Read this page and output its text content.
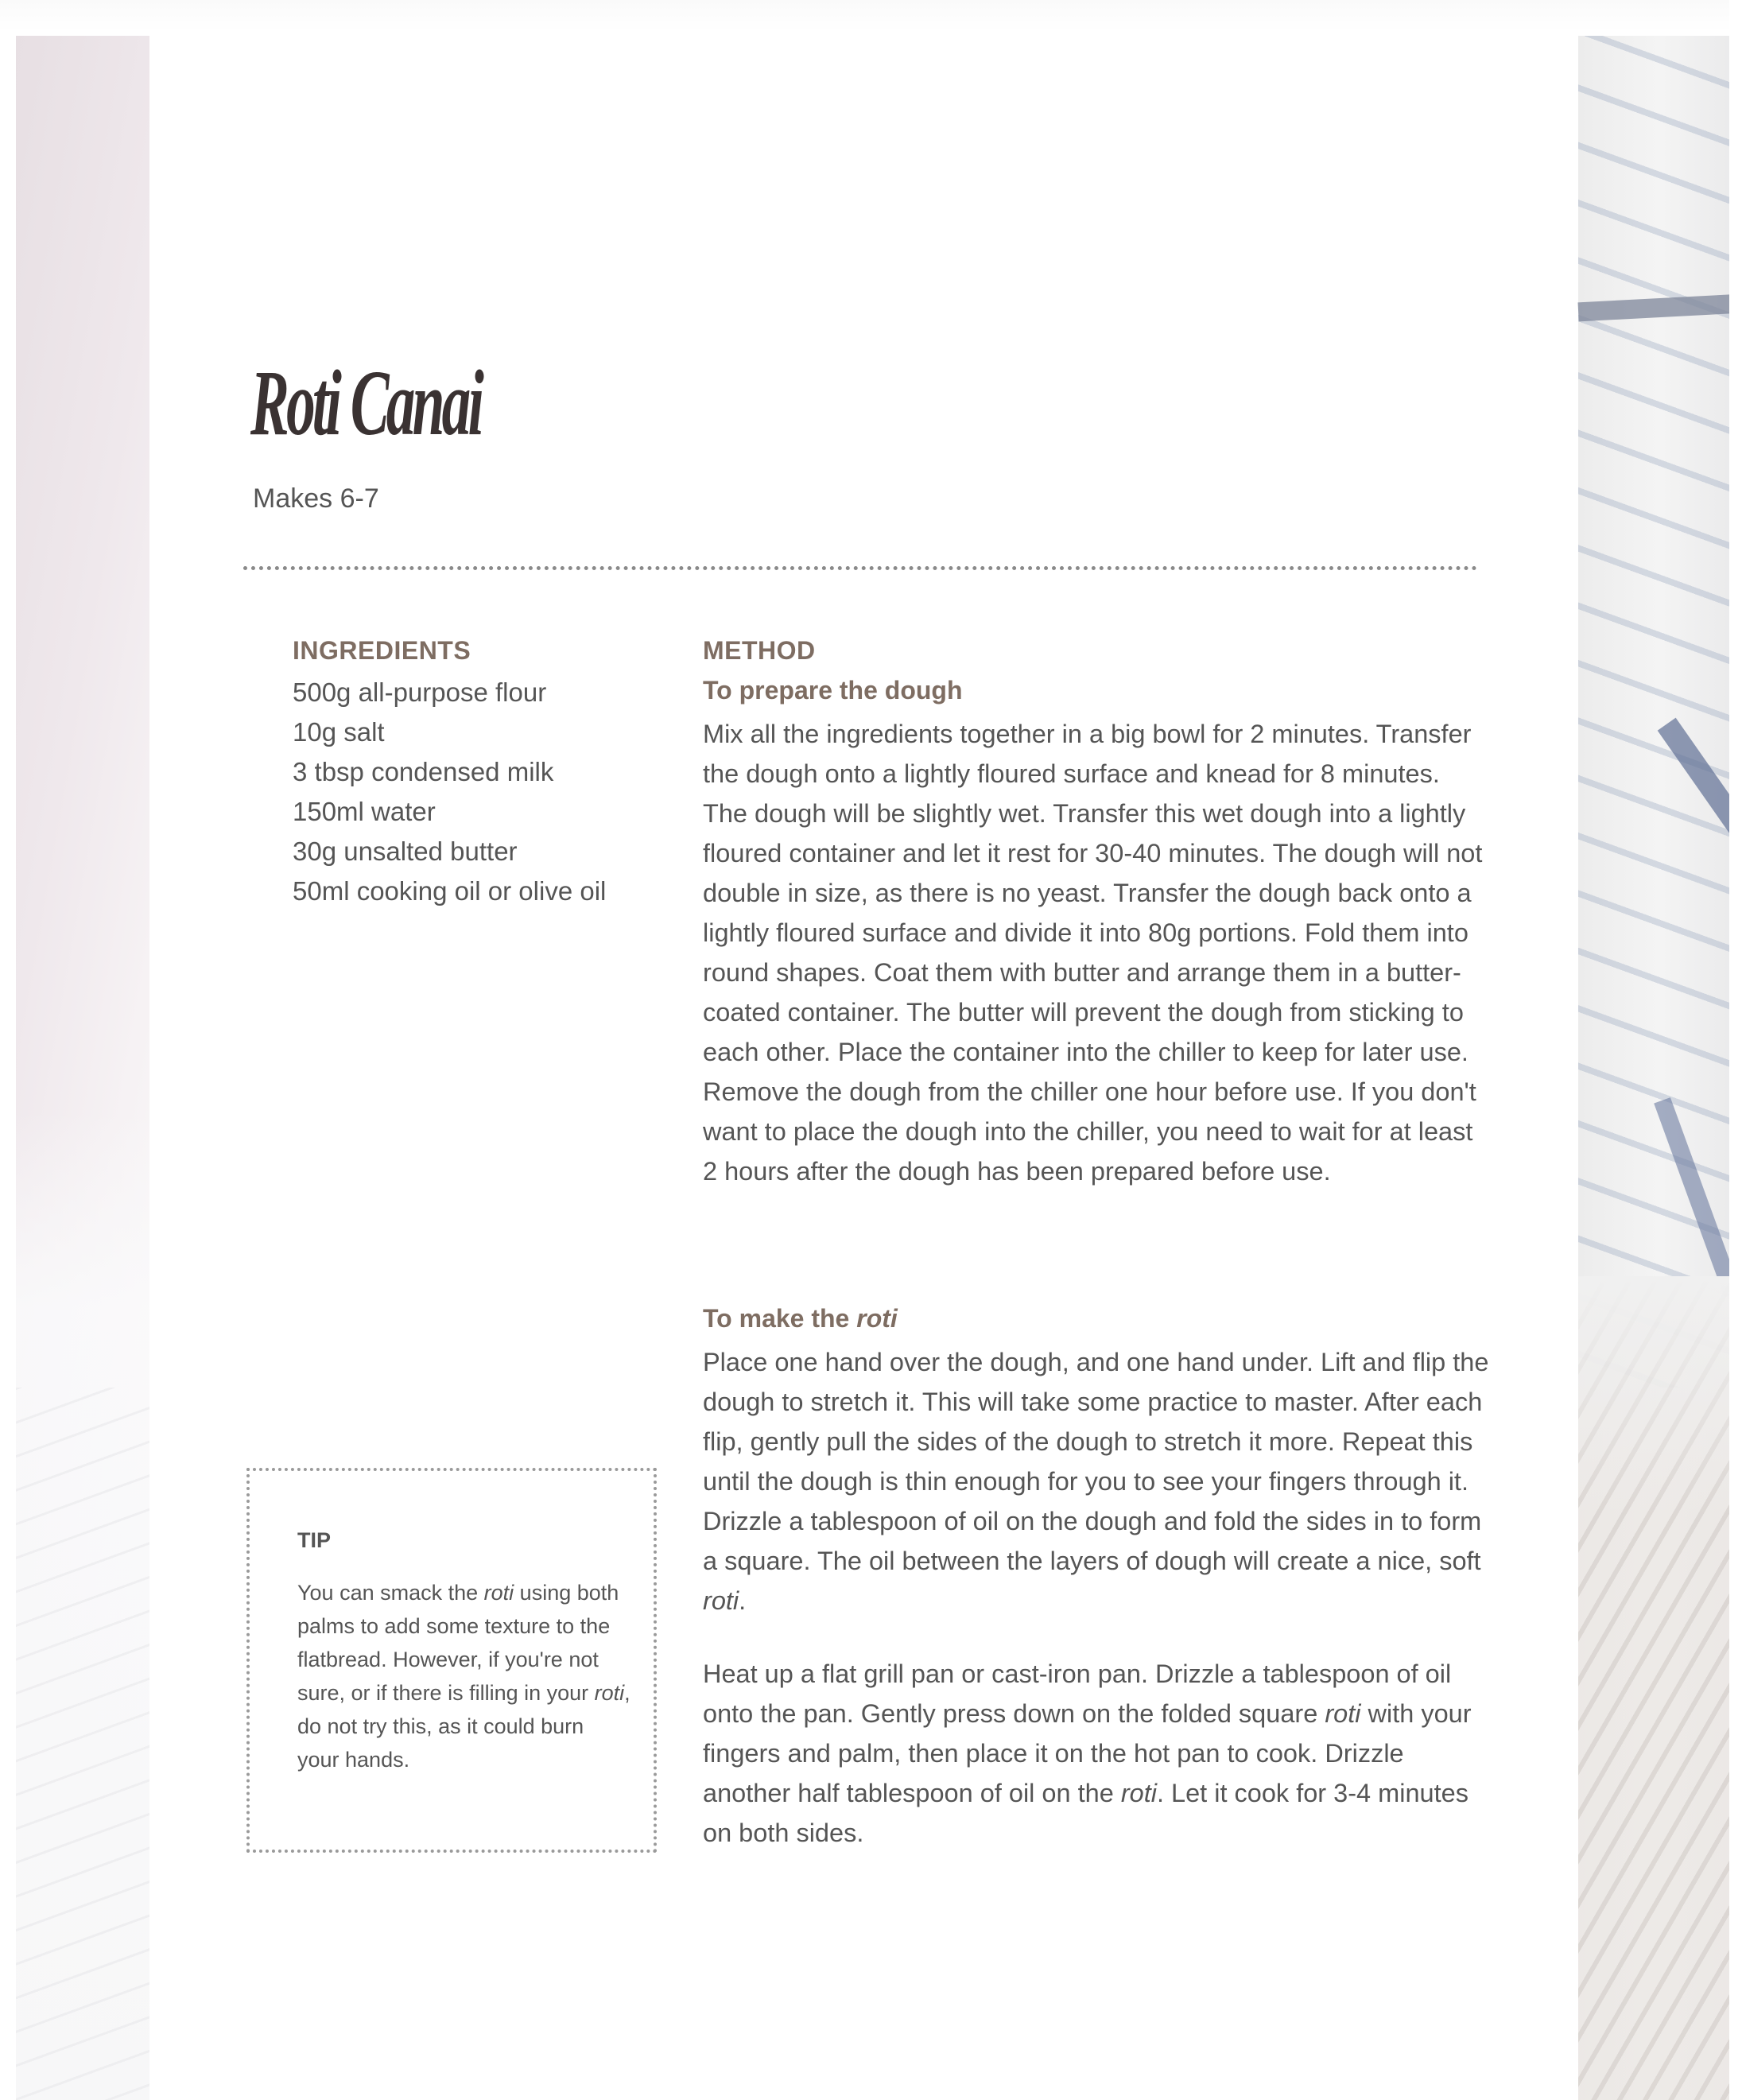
Roti Canai
Makes 6-7
INGREDIENTS
500g all-purpose flour
10g salt
3 tbsp condensed milk
150ml water
30g unsalted butter
50ml cooking oil or olive oil
METHOD
To prepare the dough

Mix all the ingredients together in a big bowl for 2 minutes. Transfer the dough onto a lightly floured surface and knead for 8 minutes. The dough will be slightly wet. Transfer this wet dough into a lightly floured container and let it rest for 30-40 minutes. The dough will not double in size, as there is no yeast. Transfer the dough back onto a lightly floured surface and divide it into 80g portions. Fold them into round shapes. Coat them with butter and arrange them in a butter-coated container. The butter will prevent the dough from sticking to each other. Place the container into the chiller to keep for later use. Remove the dough from the chiller one hour before use. If you don't want to place the dough into the chiller, you need to wait for at least 2 hours after the dough has been prepared before use.

To make the roti

Place one hand over the dough, and one hand under. Lift and flip the dough to stretch it. This will take some practice to master. After each flip, gently pull the sides of the dough to stretch it more. Repeat this until the dough is thin enough for you to see your fingers through it. Drizzle a tablespoon of oil on the dough and fold the sides in to form a square. The oil between the layers of dough will create a nice, soft roti.

Heat up a flat grill pan or cast-iron pan. Drizzle a tablespoon of oil onto the pan. Gently press down on the folded square roti with your fingers and palm, then place it on the hot pan to cook. Drizzle another half tablespoon of oil on the roti. Let it cook for 3-4 minutes on both sides.

TIP

You can smack the roti using both palms to add some texture to the flatbread. However, if you're not sure, or if there is filling in your roti, do not try this, as it could burn your hands.
